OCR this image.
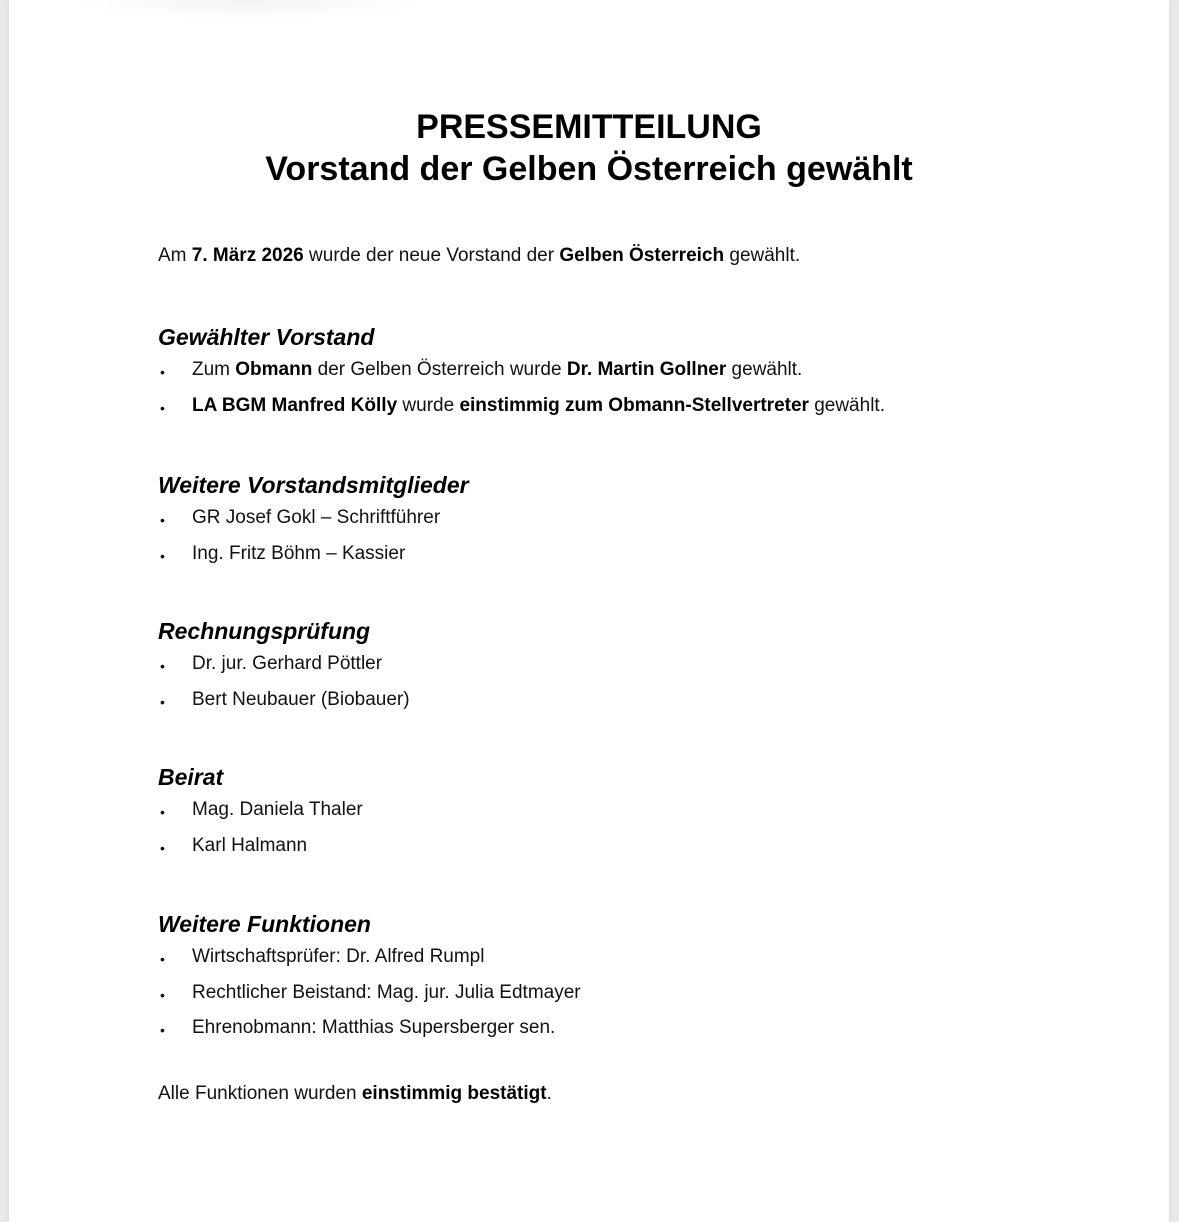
PRESSEMITTEILUNG
Vorstand der Gelben Österreich gewählt

Am 7. März 2026 wurde der neue Vorstand der Gelben Österreich gewählt.

Gewählter Vorstand
• Zum Obmann der Gelben Österreich wurde Dr. Martin Gollner gewählt.
• LA BGM Manfred Kölly wurde einstimmig zum Obmann-Stellvertreter gewählt.
Weitere Vorstandsmitglieder
• GR Josef Gokl – Schriftführer
• Ing. Fritz Böhm – Kassier
Rechnungsprüfung
• Dr. jur. Gerhard Pöttler
• Bert Neubauer (Biobauer)
Beirat
• Mag. Daniela Thaler
• Karl Halmann
Weitere Funktionen
• Wirtschaftsprüfer: Dr. Alfred Rumpl
• Rechtlicher Beistand: Mag. jur. Julia Edtmayer
• Ehrenobmann: Matthias Supersberger sen.

Alle Funktionen wurden einstimmig bestätigt.
